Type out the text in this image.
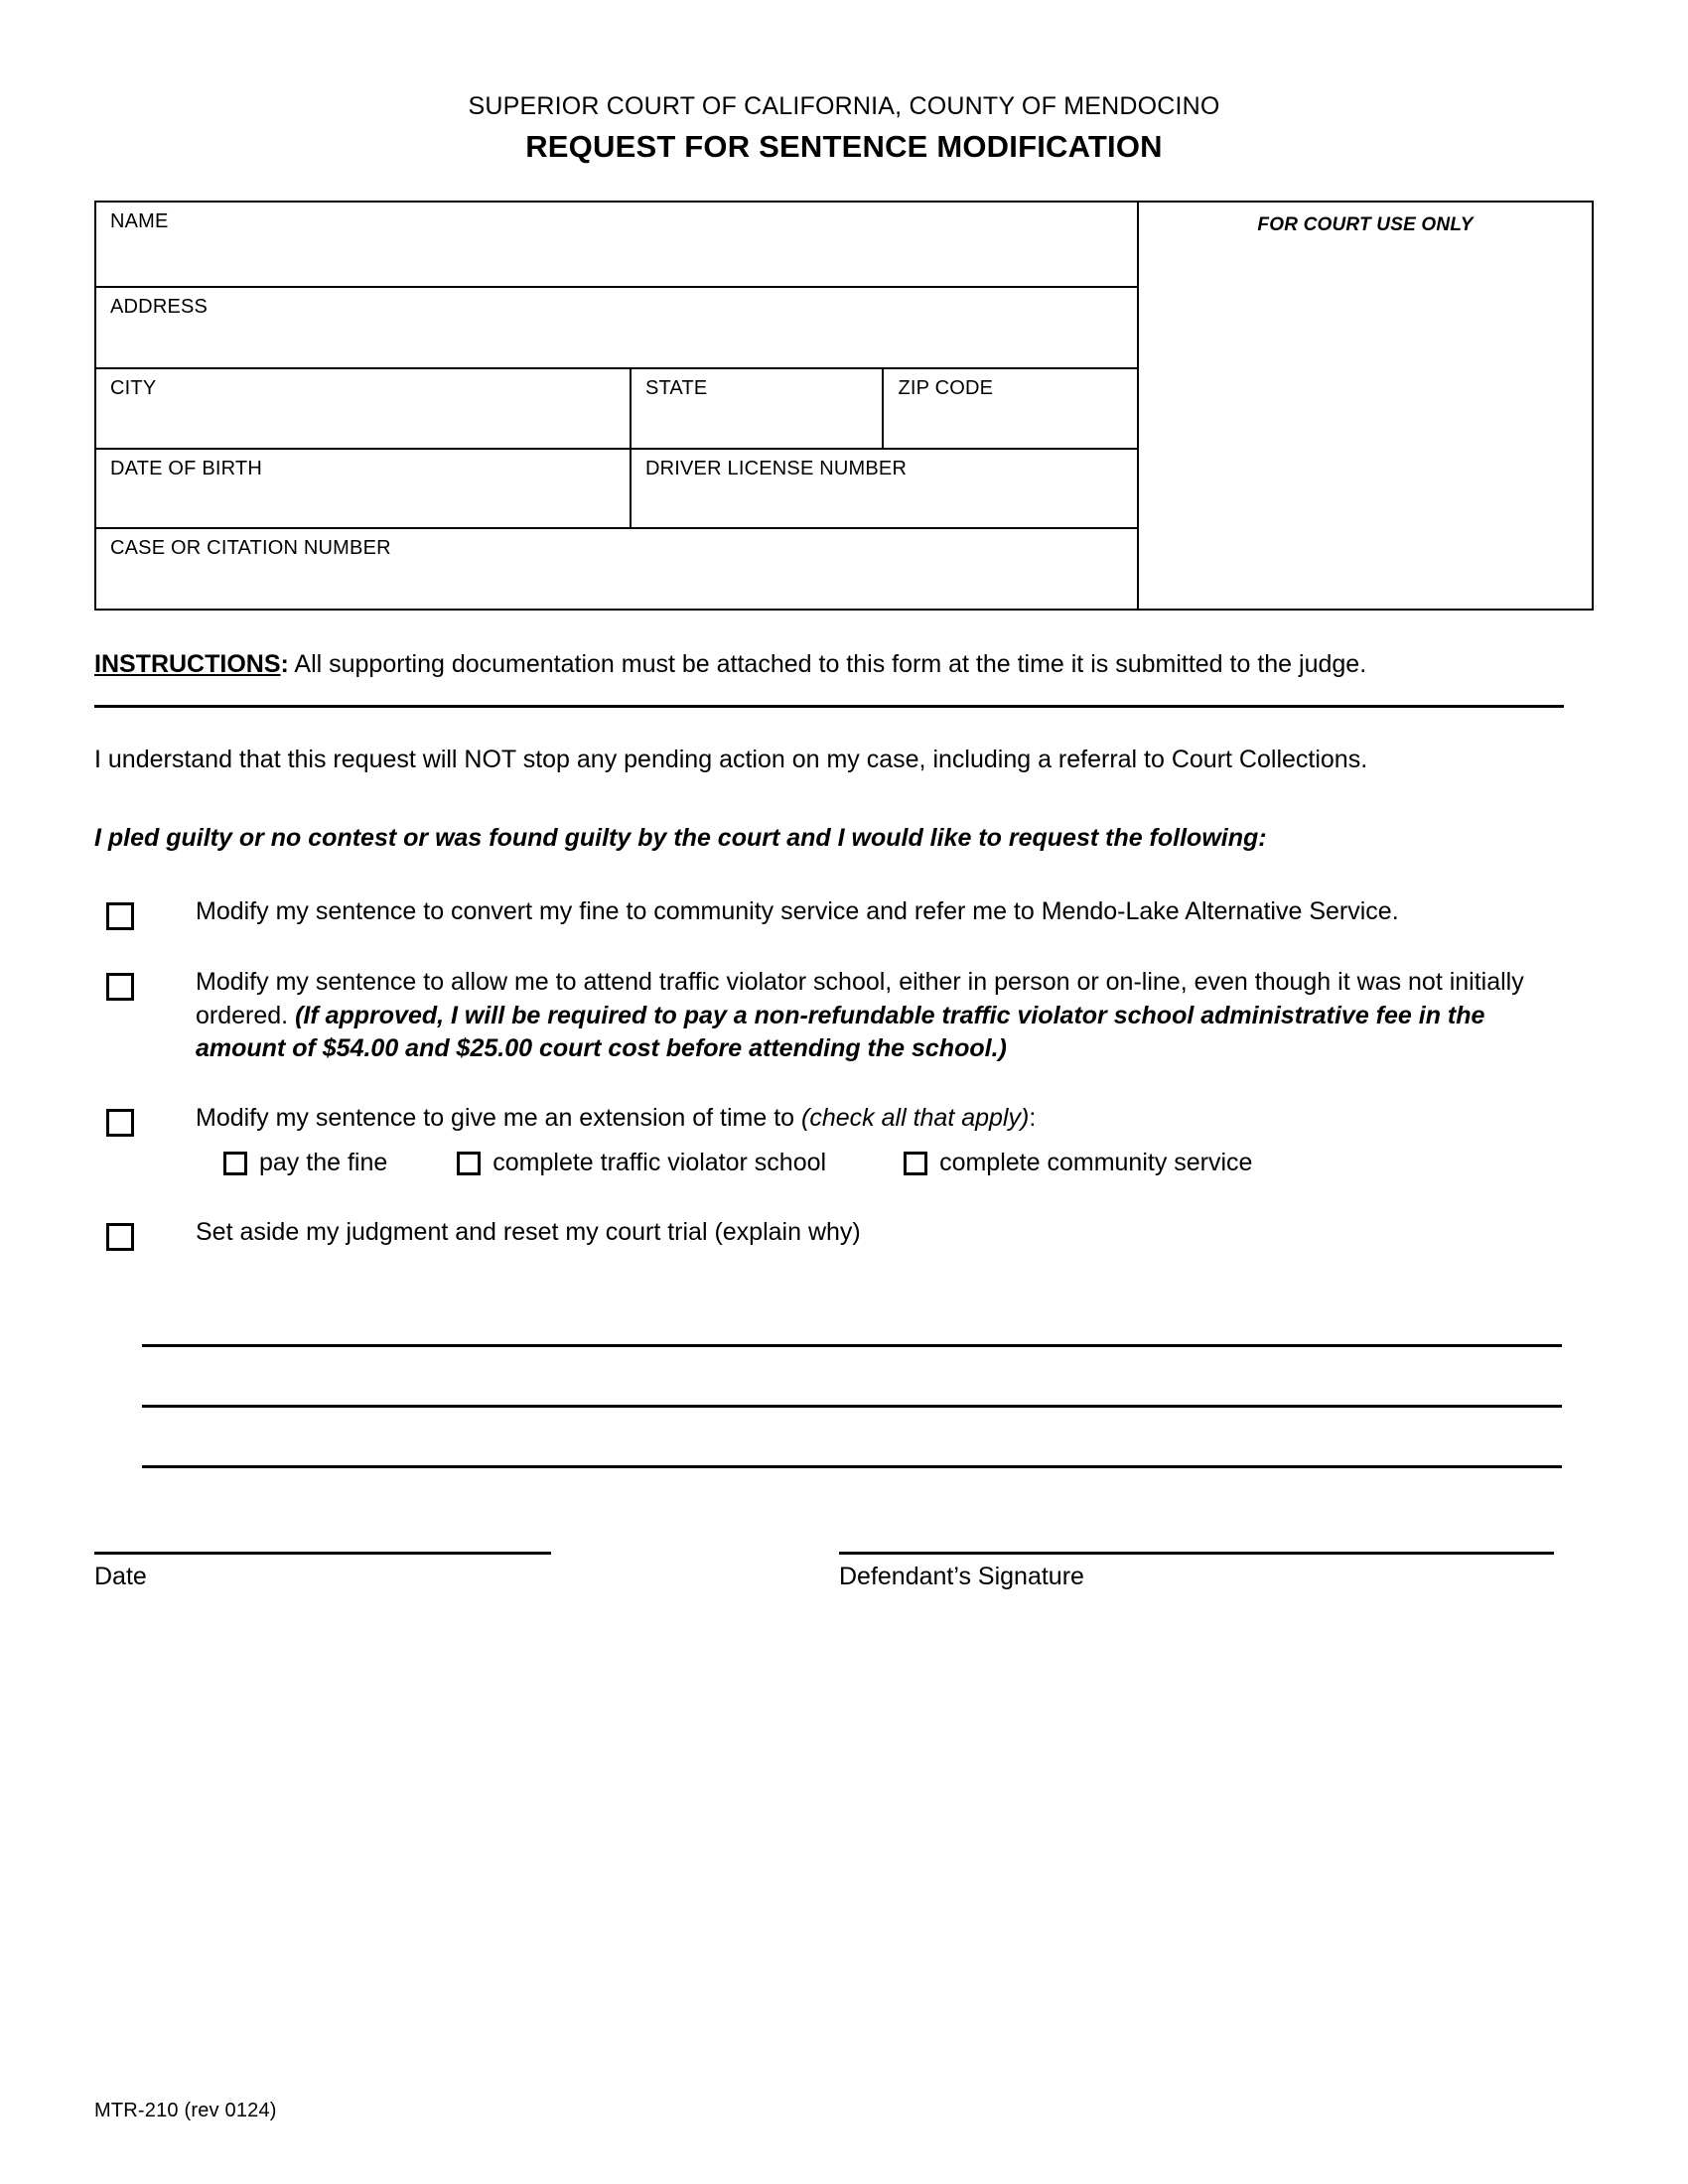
SUPERIOR COURT OF CALIFORNIA, COUNTY OF MENDOCINO
REQUEST FOR SENTENCE MODIFICATION
NAME
ADDRESS
CITY	STATE	ZIP CODE
DATE OF BIRTH	DRIVER LICENSE NUMBER
CASE OR CITATION NUMBER
FOR COURT USE ONLY
INSTRUCTIONS: All supporting documentation must be attached to this form at the time it is submitted to the judge.
I understand that this request will NOT stop any pending action on my case, including a referral to Court Collections.
I pled guilty or no contest or was found guilty by the court and I would like to request the following:
Modify my sentence to convert my fine to community service and refer me to Mendo-Lake Alternative Service.
Modify my sentence to allow me to attend traffic violator school, either in person or on-line, even though it was not initially ordered. (If approved, I will be required to pay a non-refundable traffic violator school administrative fee in the amount of $54.00 and $25.00 court cost before attending the school.)
Modify my sentence to give me an extension of time to (check all that apply):
pay the fine	complete traffic violator school	complete community service
Set aside my judgment and reset my court trial (explain why)
Date	Defendant’s Signature
MTR-210 (rev 0124)
